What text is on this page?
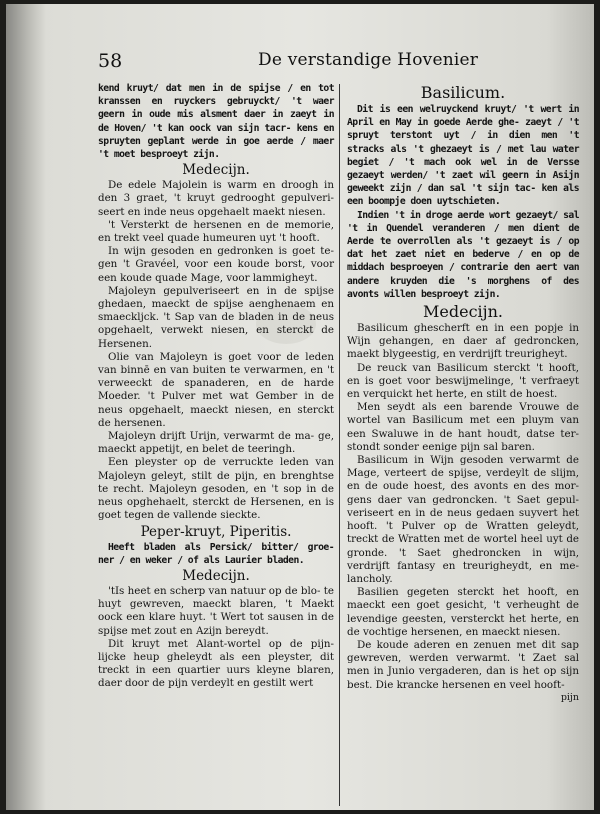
58	De verstandige Hovenier

kend kruyt/ dat men in de spijse / en tot kranssen en ruyckers gebruyckt/ 't waer geern in oude mis alsment daer in zaeyt in de Hoven/ 't kan oock van sijn tacr- kens en spruyten geplant werde in goe aerde / maer 't moet besproeyt zijn.

Medecijn.

De edele Majolein is warm en droogh in den 3 graet, 't kruyt gedrooght gepulveri- seert en inde neus opgehaelt maekt niesen.

't Versterkt de hersenen en de memorie, en trekt veel quade humeuren uyt 't hooft.

In wijn gesoden en gedronken is goet te- gen 't Gravéel, voor een koude borst, voor een koude quade Mage, voor lammigheyt.

Majoleyn gepulveriseert en in de spijse ghedaen, maeckt de spijse aenghenaem en smaeckljck. 't Sap van de bladen in de neus opgehaelt, verwekt niesen, en sterckt de Hersenen.

Olie van Majoleyn is goet voor de leden van binnē en van buiten te verwarmen, en 't verweeckt de spanaderen, en de harde Moeder. 't Pulver met wat Gember in de neus opgehaelt, maeckt niesen, en sterckt de hersenen.

Majoleyn drijft Urijn, verwarmt de ma- ge, maeckt appetijt, en belet de teeringh.

Een pleyster op de verruckte leden van Majoleyn geleyt, stilt de pijn, en brenghtse te recht. Majoleyn gesoden, en 't sop in de neus opghehaelt, sterckt de Hersenen, en is goet tegen de vallende sieckte.

Peper-kruyt, Piperitis.

Heeft bladen als Persick/ bitter/ groe- ner / en weker / of als Laurier bladen.

Medecijn.

'tIs heet en scherp van natuur op de blo- te huyt gewreven, maeckt blaren, 't Maekt oock een klare huyt. 't Wert tot sausen in de spijse met zout en Azijn bereydt.

Dit kruyt met Alant-wortel op de pijn- lijcke heup gheleydt als een pleyster, dit treckt in een quartier uurs kleyne blaren, daer door de pijn verdeylt en gestilt wert

Basilicum.

Dit is een welruyckend kruyt/ 't wert in April en May in goede Aerde ghe- zaeyt / 't spruyt terstont uyt / in dien men 't stracks als 't ghezaeyt is / met lau water begiet / 't mach ook wel in de Versse gezaeyt werden/ 't zaet wil geern in Asijn geweekt zijn / dan sal 't sijn tac- ken als een boompje doen uytschieten.

Indien 't in droge aerde wort gezaeyt/ sal 't in Quendel veranderen / men dient de Aerde te overrollen als 't gezaeyt is / op dat het zaet niet en bederve / en op de middach besproeyen / contrarie den aert van andere kruyden die 's morghens of des avonts willen besproeyt zijn.

Medecijn.

Basilicum ghescherft en in een popje in Wijn gehangen, en daer af gedroncken, maekt blygeestig, en verdrijft treurigheyt.

De reuck van Basilicum sterckt 't hooft, en is goet voor beswijmelinge, 't verfraeyt en verquickt het herte, en stilt de hoest.

Men seydt als een barende Vrouwe de wortel van Basilicum met een pluym van een Swaluwe in de hant houdt, datse ter- stondt sonder eenige pijn sal baren.

Basilicum in Wijn gesoden verwarmt de Mage, verteert de spijse, verdeylt de slijm, en de oude hoest, des avonts en des mor- gens daer van gedroncken. 't Saet gepul- veriseert en in de neus gedaen suyvert het hooft. 't Pulver op de Wratten geleydt, treckt de Wratten met de wortel heel uyt de gronde. 't Saet ghedroncken in wijn, verdrijft fantasy en treurigheydt, en me- lancholy.

Basilien gegeten sterckt het hooft, en maeckt een goet gesicht, 't verheught de levendige geesten, versterckt het herte, en de vochtige hersenen, en maeckt niesen.

De koude aderen en zenuen met dit sap gewreven, werden verwarmt. 't Zaet sal men in Junio vergaderen, dan is het op sijn best. Die krancke hersenen en veel hooft-

pijn
